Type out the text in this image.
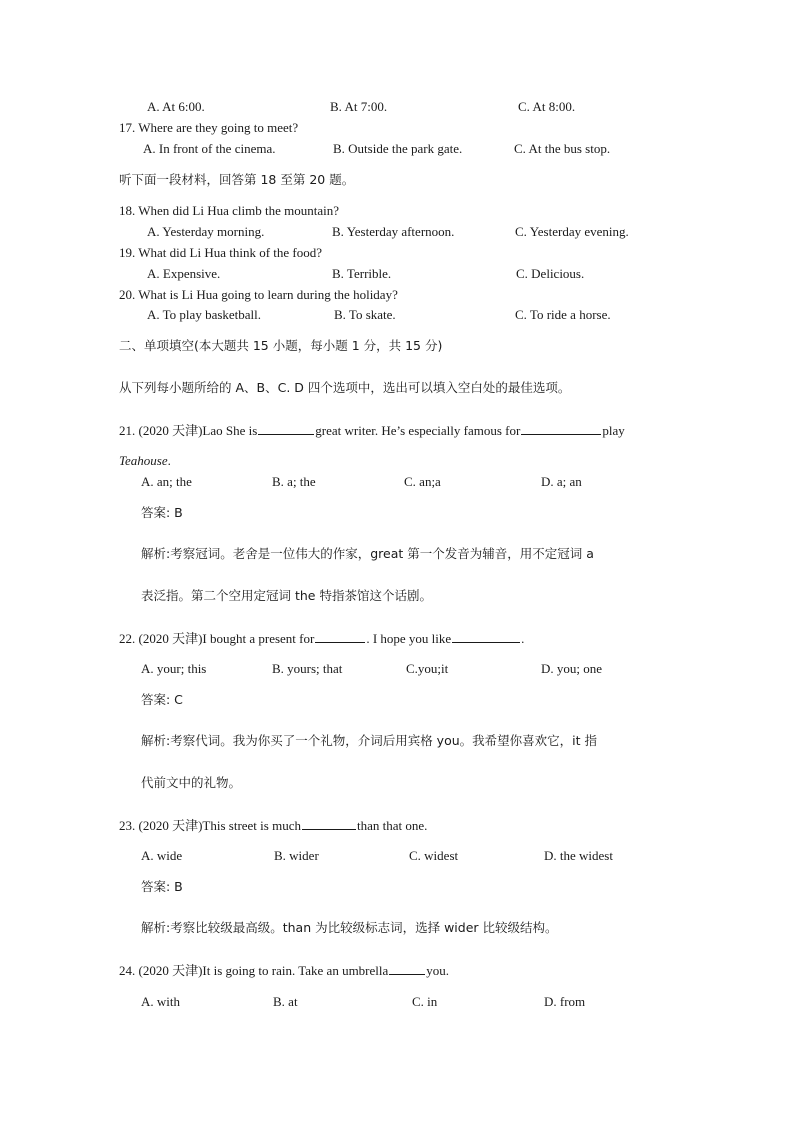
A. At 6:00.	B. At 7:00.	C. At 8:00.
17. Where are they going to meet?
A. In front of the cinema.	B. Outside the park gate.	C. At the bus stop.
听下面一段材料，回答第 18 至第 20 题。
18. When did Li Hua climb the mountain?
A. Yesterday morning.	B. Yesterday afternoon.	C. Yesterday evening.
19. What did Li Hua think of the food?
A. Expensive.	B. Terrible.	C. Delicious.
20. What is Li Hua going to learn during the holiday?
A. To play basketball.	B. To skate.	C. To ride a horse.
二、单项填空(本大题共 15 小题，每小题 1 分，共 15 分)
从下列每小题所给的 A、B、C. D 四个选项中，选出可以填入空白处的最佳选项。
21. (2020 天津)Lao She is	great writer. He’s especially famous for	play
Teahouse.
A. an; the	B. a; the	C. an;a	D. a; an
答案: B
解析:考察冠词。老舍是一位伟大的作家，great 第一个发音为辅音，用不定冠词 a
表泛指。第二个空用定冠词 the 特指茶馆这个话剧。
22. (2020 天津)I bought a present for	. I hope you like	.
A. your; this	B. yours; that	C.you;it	D. you; one
答案: C
解析:考察代词。我为你买了一个礼物，介词后用宾格 you。我希望你喜欢它，it 指
代前文中的礼物。
23. (2020 天津)This street is much	than that one.
A. wide	B. wider	C. widest	D. the widest
答案: B
解析:考察比较级最高级。than 为比较级标志词，选择 wider 比较级结构。
24. (2020 天津)It is going to rain. Take an umbrella	you.
A. with	B. at	C. in	D. from
